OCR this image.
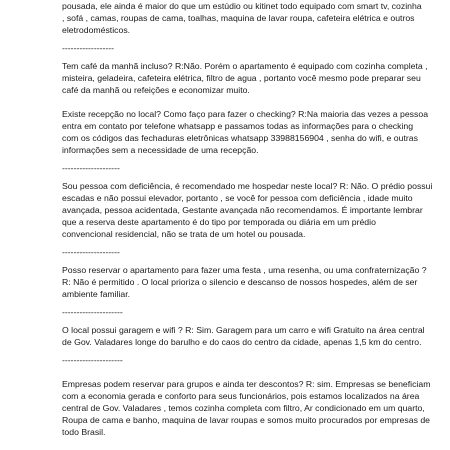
pousada, ele ainda é maior do que um estúdio ou kitinet todo equipado com smart tv, cozinha
, sofá , camas, roupas de cama, toalhas, maquina de lavar roupa, cafeteira elétrica e outros
eletrodomésticos.
------------------
Tem café da manhã incluso? R:Não. Porém o apartamento é equipado com cozinha completa ,
misteira, geladeira, cafeteira elétrica, filtro de agua , portanto você mesmo pode preparar seu
café da manhã ou refeições e economizar muito.
Existe recepção no local? Como faço para fazer o checking? R:Na maioria das vezes a pessoa
entra em contato por telefone whatsapp e passamos todas as informações para o checking
com os códigos das fechaduras eletrônicas whatsapp 33988156904 , senha do wifi, e outras
informações sem a necessidade de uma recepção.
--------------------
Sou pessoa com deficiência, é recomendado me hospedar neste local? R: Não. O prédio possui
escadas e não possui elevador, portanto , se você for pessoa com deficiência , idade muito
avançada, pessoa acidentada, Gestante avançada não recomendamos. É importante lembrar
que a reserva deste apartamento é do tipo por temporada ou diária em um prédio
convencional residencial, não se trata de um hotel ou pousada.
--------------------
Posso reservar o apartamento para fazer uma festa , uma resenha, ou uma confraternização ?
R: Não é permitido . O local prioriza o silencio e descanso de nossos hospedes, além de ser
ambiente familiar.
---------------------
O local possui garagem e wifi ? R: Sim. Garagem para um carro e wifi Gratuito na área central
de Gov. Valadares longe do barulho e do caos do centro da cidade, apenas 1,5 km do centro.
---------------------
Empresas podem reservar para grupos e ainda ter descontos? R: sim. Empresas se beneficiam
com a economia gerada e conforto para seus funcionários, pois estamos localizados na área
central de Gov. Valadares , temos cozinha completa com filtro, Ar condicionado em um quarto,
Roupa de cama e banho, maquina de lavar roupas e somos muito procurados por empresas de
todo Brasil.
